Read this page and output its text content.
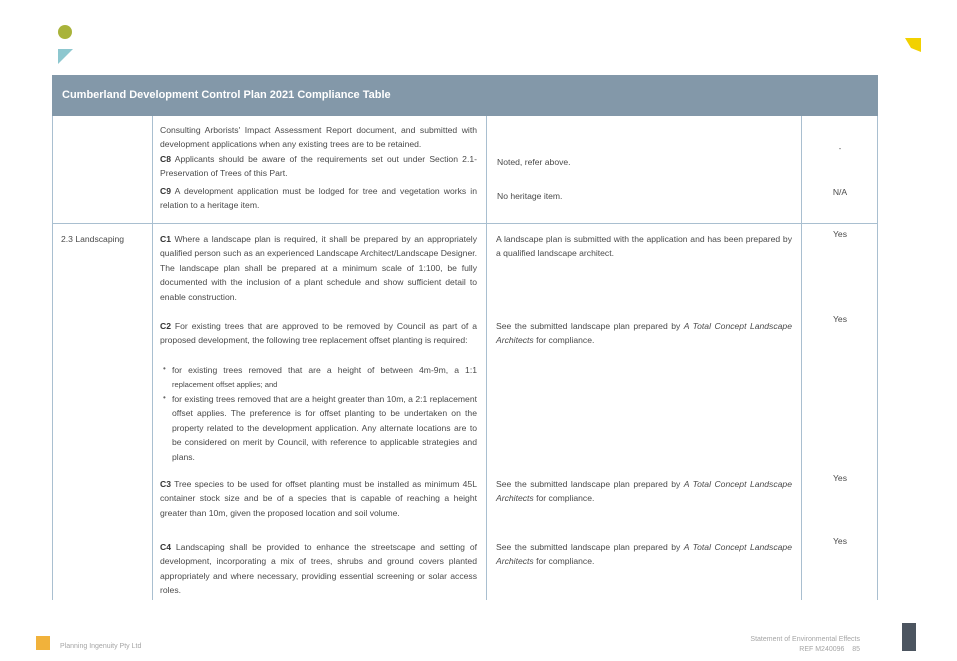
Cumberland Development Control Plan 2021 Compliance Table
Consulting Arborists' Impact Assessment Report document, and submitted with development applications when any existing trees are to be retained.
C8 Applicants should be aware of the requirements set out under Section 2.1- Preservation of Trees of this Part.
Noted, refer above.
-
C9 A development application must be lodged for tree and vegetation works in relation to a heritage item.
No heritage item.	N/A
2.3 Landscaping	C1 Where a landscape plan is required, it shall be prepared by an appropriately qualified person such as an experienced Landscape Architect/Landscape Designer. The landscape plan shall be prepared at a minimum scale of 1:100, be fully documented with the inclusion of a plant schedule and show sufficient detail to enable construction.
A landscape plan is submitted with the application and has been prepared by a qualified landscape architect.
Yes
C2 For existing trees that are approved to be removed by Council as part of a proposed development, the following tree replacement offset planting is required:
• for existing trees removed that are a height of between 4m-9m, a 1:1
replacement offset applies; and
• for existing trees removed that are a height greater than 10m, a 2:1 replacement offset applies. The preference is for offset planting to be undertaken on the property related to the development application. Any alternate locations are to be considered on merit by Council, with reference to applicable strategies and plans.
See the submitted landscape plan prepared by A Total Concept Landscape Architects for compliance.
Yes
C3 Tree species to be used for offset planting must be installed as minimum 45L container stock size and be of a species that is capable of reaching a height greater than 10m, given the proposed location and soil volume.
See the submitted landscape plan prepared by A Total Concept Landscape Architects for compliance.
Yes
C4 Landscaping shall be provided to enhance the streetscape and setting of development, incorporating a mix of trees, shrubs and ground covers planted appropriately and where necessary, providing essential screening or solar access roles.
See the submitted landscape plan prepared by A Total Concept Landscape Architects for compliance.
Yes
Planning Ingenuity Pty Ltd
Statement of Environmental Effects
REF M240096 85
